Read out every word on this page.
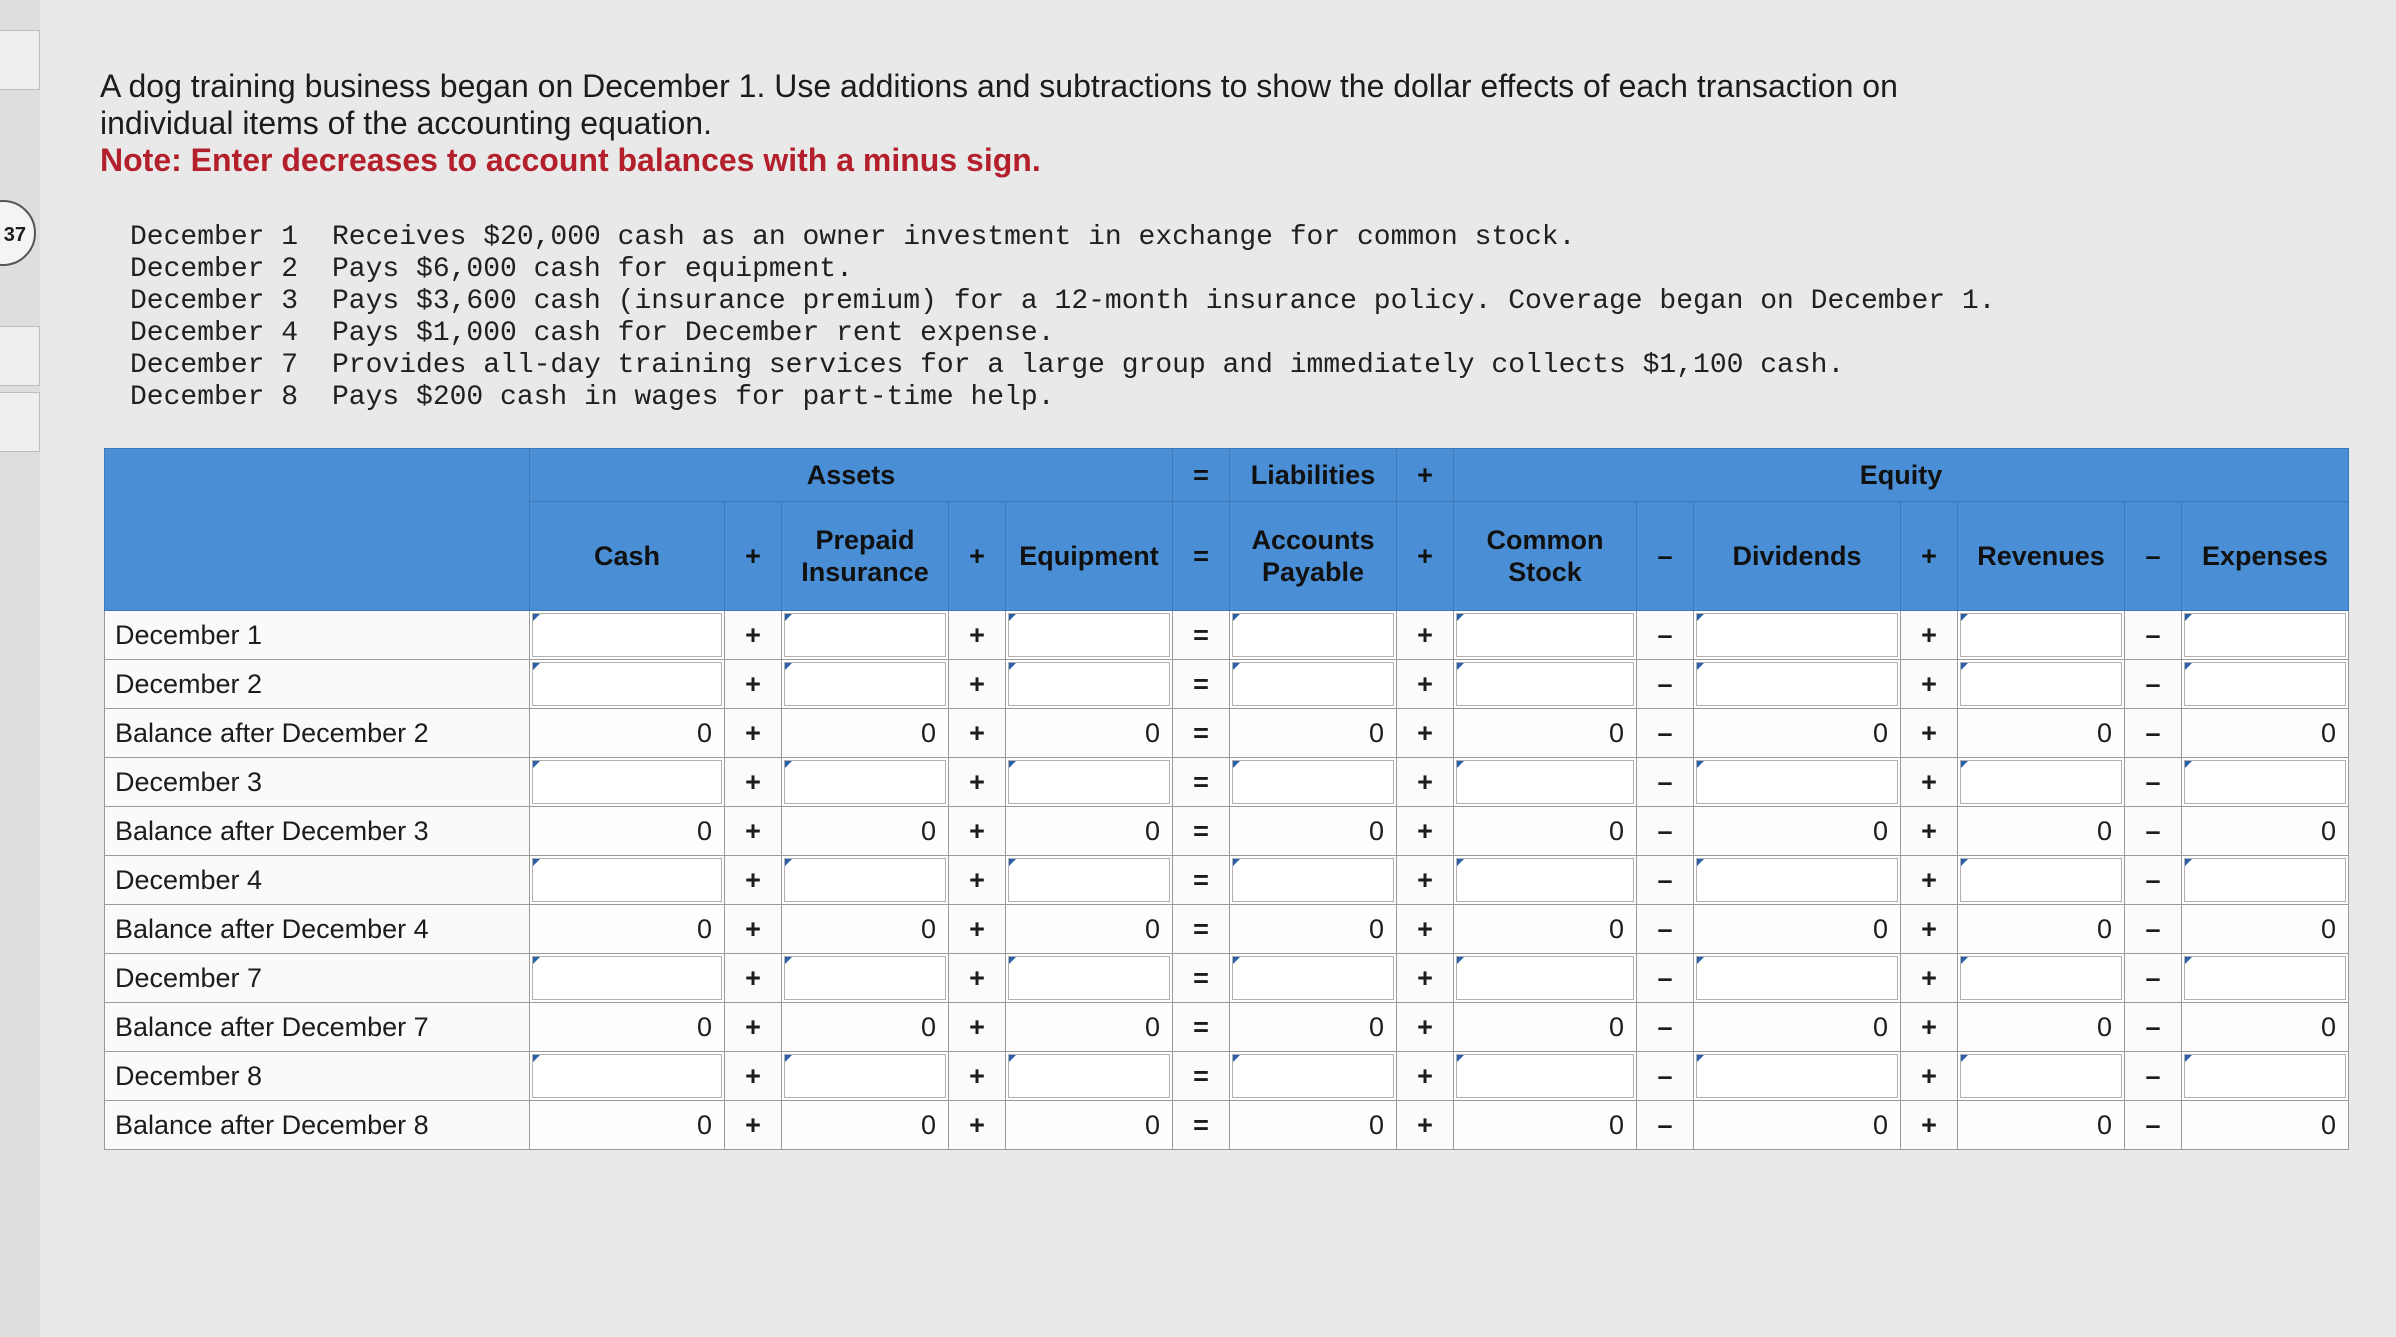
37
A dog training business began on December 1. Use additions and subtractions to show the dollar effects of each transaction on individual items of the accounting equation.
Note: Enter decreases to account balances with a minus sign.
December 1	Receives $20,000 cash as an owner investment in exchange for common stock.
December 2	Pays $6,000 cash for equipment.
December 3	Pays $3,600 cash (insurance premium) for a 12-month insurance policy. Coverage began on December 1.
December 4	Pays $1,000 cash for December rent expense.
December 7	Provides all-day training services for a large group and immediately collects $1,100 cash.
December 8	Pays $200 cash in wages for part-time help.
	Assets					=	Liabilities	+	Equity						
	Cash	+	Prepaid Insurance	+	Equipment	=	Accounts Payable	+	Common Stock	–	Dividends	+	Revenues	–	Expenses
December 1		+		+		=		+		–		+		–	

December 2		+		+		=		+		–		+		–	

Balance after December 2	0	+	0	+	0	=	0	+	0	–	0	+	0	–	0
December 3		+		+		=		+		–		+		–	

Balance after December 3	0	+	0	+	0	=	0	+	0	–	0	+	0	–	0
December 4		+		+		=		+		–		+		–	

Balance after December 4	0	+	0	+	0	=	0	+	0	–	0	+	0	–	0
December 7		+		+		=		+		–		+		–	

Balance after December 7	0	+	0	+	0	=	0	+	0	–	0	+	0	–	0
December 8		+		+		=		+		–		+		–	

Balance after December 8	0	+	0	+	0	=	0	+	0	–	0	+	0	–	0
